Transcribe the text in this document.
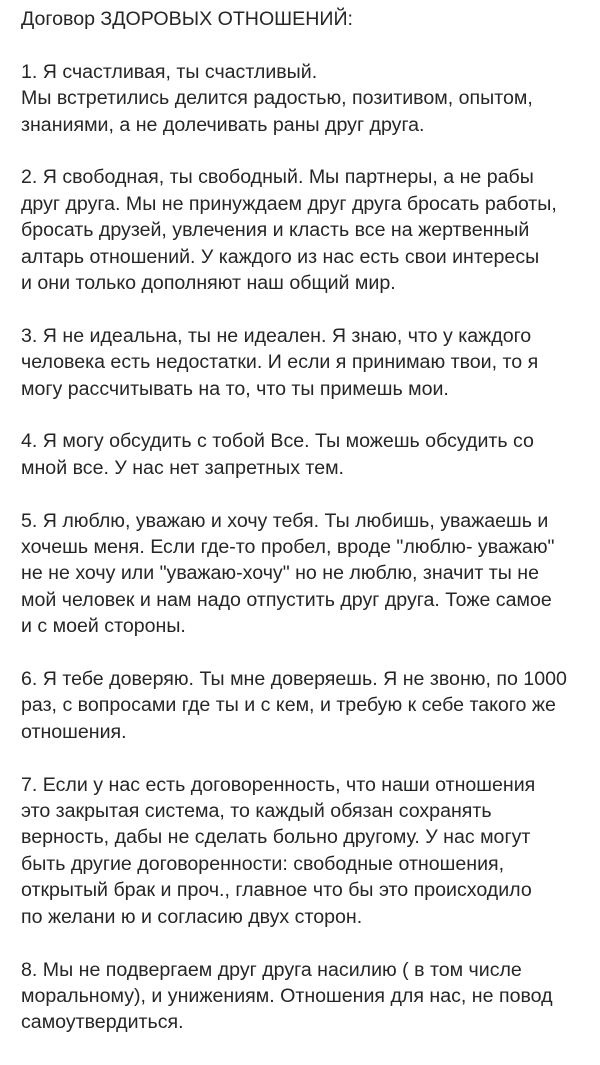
Договор ЗДОРОВЫХ ОТНОШЕНИЙ:

1. Я счастливая, ты счастливый.
Мы встретились делится радостью, позитивом, опытом,
знаниями, а не долечивать раны друг друга.

2. Я свободная, ты свободный. Мы партнеры, а не рабы
друг друга. Мы не принуждаем друг друга бросать работы,
бросать друзей, увлечения и класть все на жертвенный
алтарь отношений. У каждого из нас есть свои интересы
и они только дополняют наш общий мир.

3. Я не идеальна, ты не идеален. Я знаю, что у каждого
человека есть недостатки. И если я принимаю твои, то я
могу рассчитывать на то, что ты примешь мои.

4. Я могу обсудить с тобой Все. Ты можешь обсудить со
мной все. У нас нет запретных тем.

5. Я люблю, уважаю и хочу тебя. Ты любишь, уважаешь и
хочешь меня. Если где-то пробел, вроде "люблю- уважаю"
не не хочу или "уважаю-хочу" но не люблю, значит ты не
мой человек и нам надо отпустить друг друга. Тоже самое
и с моей стороны.

6. Я тебе доверяю. Ты мне доверяешь. Я не звоню, по 1000
раз, с вопросами где ты и с кем, и требую к себе такого же
отношения.

7. Если у нас есть договоренность, что наши отношения
это закрытая система, то каждый обязан сохранять
верность, дабы не сделать больно другому. У нас могут
быть другие договоренности: свободные отношения,
открытый брак и проч., главное что бы это происходило
по желани ю и согласию двух сторон.

8. Мы не подвергаем друг друга насилию ( в том числе
моральному), и унижениям. Отношения для нас, не повод
самоутвердиться.
